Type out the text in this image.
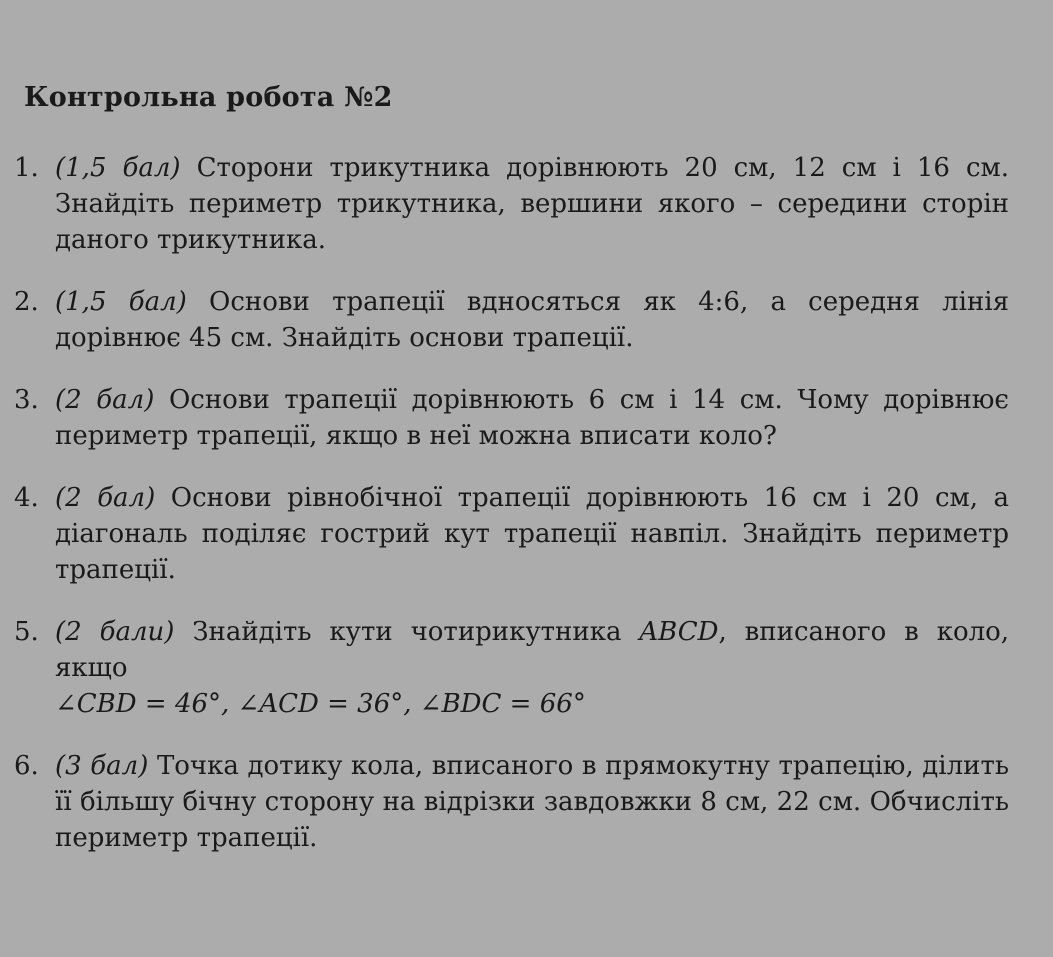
Контрольна робота №2
1. (1,5 бал) Сторони трикутника дорівнюють 20 см, 12 см і 16 см. Знайдіть периметр трикутника, вершини якого – середини сторін даного трикутника.
2. (1,5 бал) Основи трапеції вдносяться як 4:6, а середня лінія дорівнює 45 см. Знайдіть основи трапеції.
3. (2 бал) Основи трапеції дорівнюють 6 см і 14 см. Чому дорівнює периметр трапеції, якщо в неї можна вписати коло?
4. (2 бал) Основи рівнобічної трапеції дорівнюють 16 см і 20 см, а діагональ поділяє гострий кут трапеції навпіл. Знайдіть периметр трапеції.
5. (2 бали) Знайдіть кути чотирикутника ABCD, вписаного в коло, якщо
∠CBD = 46°, ∠ACD = 36°, ∠BDC = 66°
6. (3 бал) Точка дотику кола, вписаного в прямокутну трапецію, ділить її більшу бічну сторону на відрізки завдовжки 8 см, 22 см. Обчисліть периметр трапеції.
